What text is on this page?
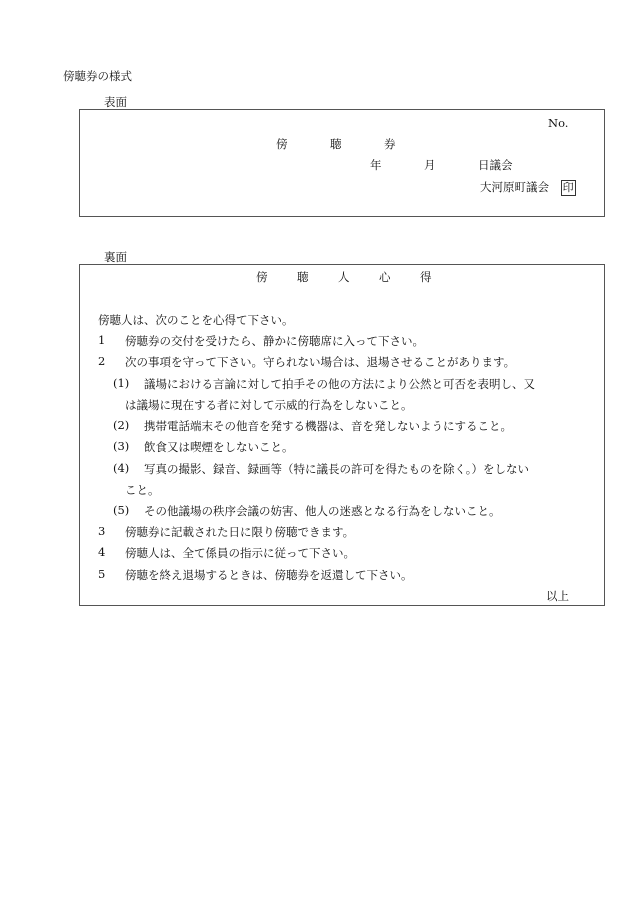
傍聴券の様式
表面
No.
傍	聴	券
年	月	日議会
大河原町議会 印
裏面
傍	聴	人	心	得
傍聴人は、次のことを心得て下さい。
1 傍聴券の交付を受けたら、静かに傍聴席に入って下さい。
2 次の事項を守って下さい。守られない場合は、退場させることがあります。
(1) 議場における言論に対して拍手その他の方法により公然と可否を表明し、又
は議場に現在する者に対して示威的行為をしないこと。
(2) 携帯電話端末その他音を発する機器は、音を発しないようにすること。
(3) 飲食又は喫煙をしないこと。
(4) 写真の撮影、録音、録画等（特に議長の許可を得たものを除く。）をしない
こと。
(5) その他議場の秩序会議の妨害、他人の迷惑となる行為をしないこと。
3 傍聴券に記載された日に限り傍聴できます。
4 傍聴人は、全て係員の指示に従って下さい。
5 傍聴を終え退場するときは、傍聴券を返還して下さい。
以上
